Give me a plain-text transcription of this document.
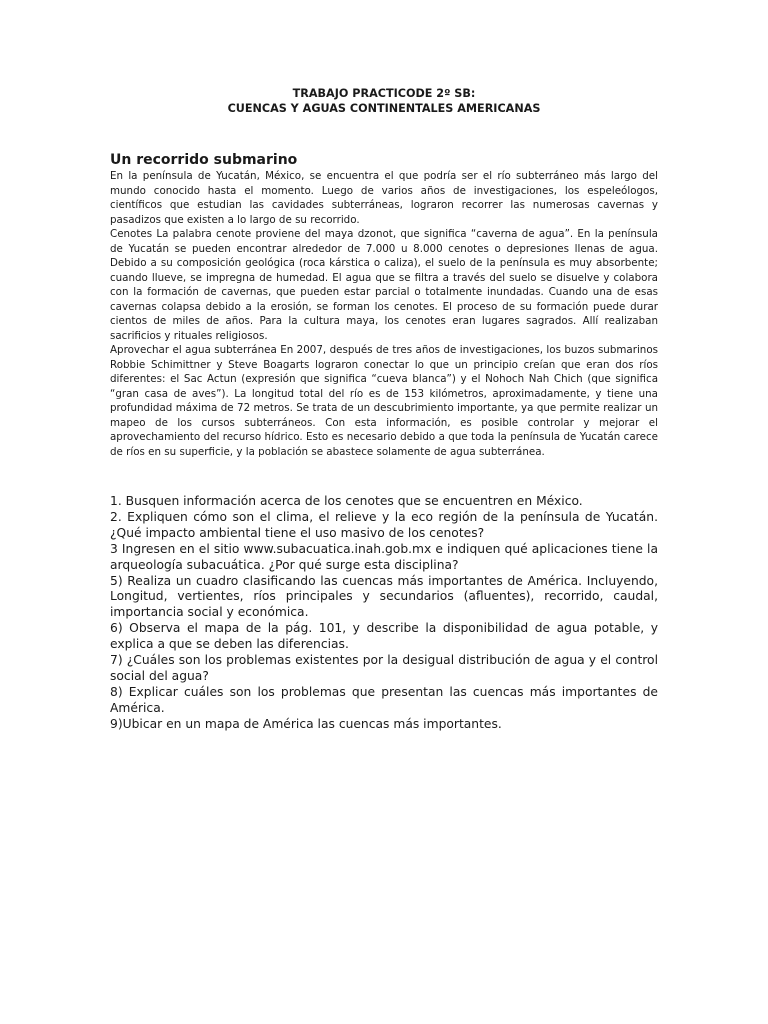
TRABAJO PRACTICODE 2º SB:
CUENCAS Y AGUAS CONTINENTALES AMERICANAS
Un recorrido submarino

En la península de Yucatán, México, se encuentra el que podría ser el río subterráneo más largo del mundo conocido hasta el momento. Luego de varios años de investigaciones, los espeleólogos, científicos que estudian las cavidades subterráneas, lograron recorrer las numerosas cavernas y pasadizos que existen a lo largo de su recorrido.

Cenotes La palabra cenote proviene del maya dzonot, que significa “caverna de agua”. En la península de Yucatán se pueden encontrar alrededor de 7.000 u 8.000 cenotes o depresiones llenas de agua. Debido a su composición geológica (roca kárstica o caliza), el suelo de la península es muy absorbente; cuando llueve, se impregna de humedad. El agua que se filtra a través del suelo se disuelve y colabora con la formación de cavernas, que pueden estar parcial o totalmente inundadas. Cuando una de esas cavernas colapsa debido a la erosión, se forman los cenotes. El proceso de su formación puede durar cientos de miles de años. Para la cultura maya, los cenotes eran lugares sagrados. Allí realizaban sacrificios y rituales religiosos.

Aprovechar el agua subterránea En 2007, después de tres años de investigaciones, los buzos submarinos Robbie Schimittner y Steve Boagarts lograron conectar lo que un principio creían que eran dos ríos diferentes: el Sac Actun (expresión que significa “cueva blanca”) y el Nohoch Nah Chich (que significa “gran casa de aves”). La longitud total del río es de 153 kilómetros, aproximadamente, y tiene una profundidad máxima de 72 metros. Se trata de un descubrimiento importante, ya que permite realizar un mapeo de los cursos subterráneos. Con esta información, es posible controlar y mejorar el aprovechamiento del recurso hídrico. Esto es necesario debido a que toda la península de Yucatán carece de ríos en su superficie, y la población se abastece solamente de agua subterránea.

1. Busquen información acerca de los cenotes que se encuentren en México.

2. Expliquen cómo son el clima, el relieve y la eco región de la península de Yucatán. ¿Qué impacto ambiental tiene el uso masivo de los cenotes?

3 Ingresen en el sitio www.subacuatica.inah.gob.mx e indiquen qué aplicaciones tiene la arqueología subacuática. ¿Por qué surge esta disciplina?

5) Realiza un cuadro clasificando las cuencas más importantes de América. Incluyendo, Longitud, vertientes, ríos principales y secundarios (afluentes), recorrido, caudal, importancia social y económica.

6) Observa el mapa de la pág. 101, y describe la disponibilidad de agua potable, y explica a que se deben las diferencias.

7) ¿Cuáles son los problemas existentes por la desigual distribución de agua y el control social del agua?

8) Explicar cuáles son los problemas que presentan las cuencas más importantes de América.

9)Ubicar en un mapa de América las cuencas más importantes.
